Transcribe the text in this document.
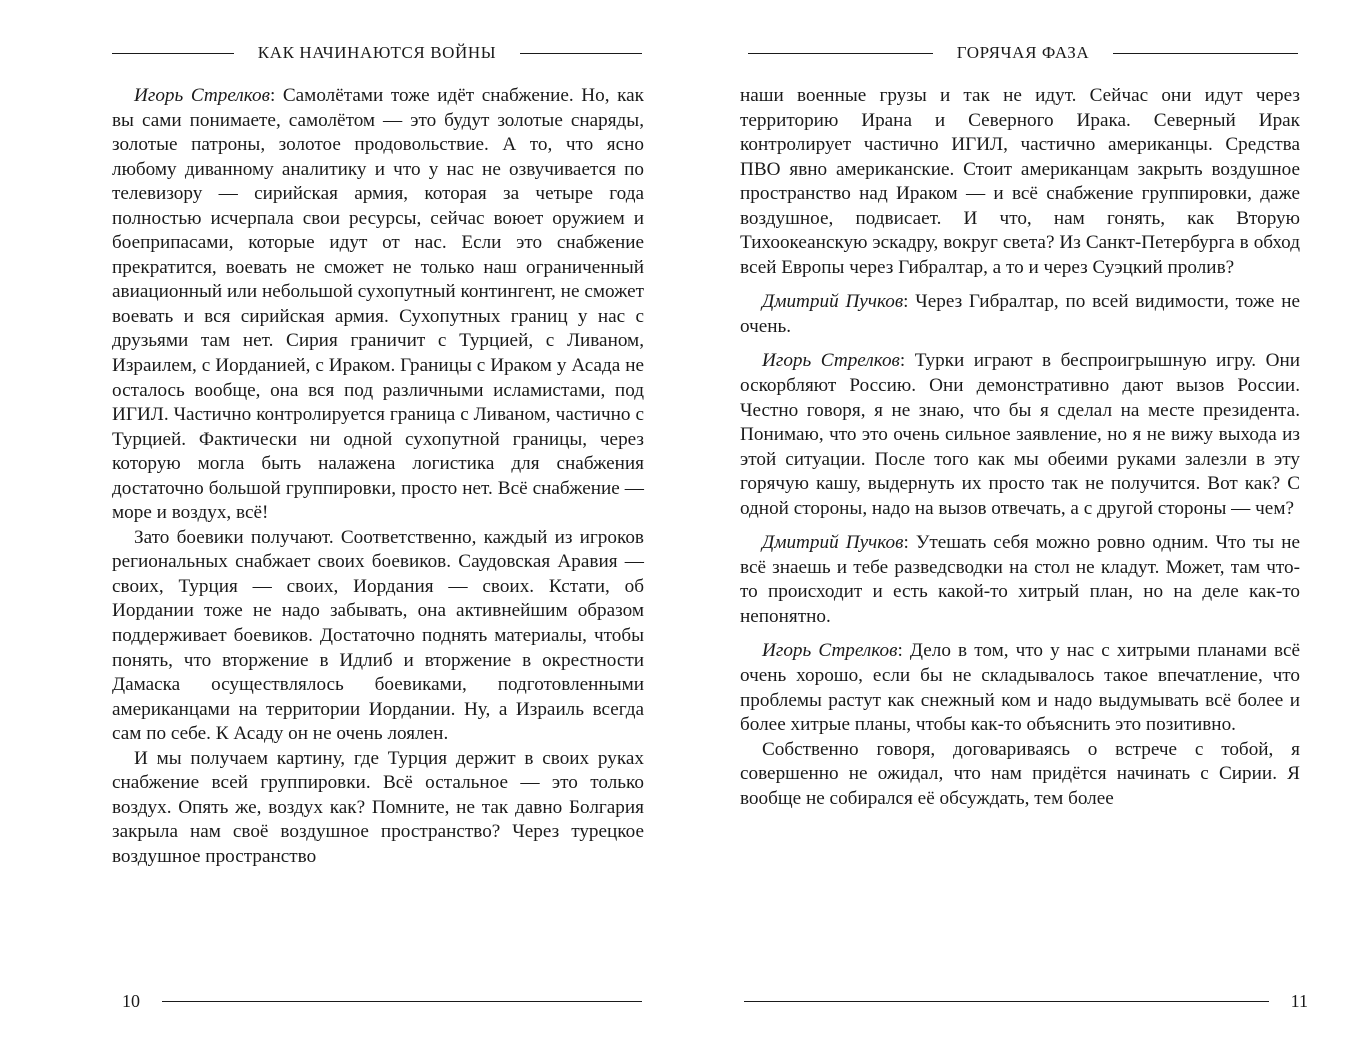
КАК НАЧИНАЮТСЯ ВОЙНЫ

Игорь Стрелков: Самолётами тоже идёт снабжение. Но, как вы сами понимаете, самолётом — это будут золотые снаряды, золотые патроны, золотое продовольствие. А то, что ясно любому диванному аналитику и что у нас не озвучивается по телевизору — сирийская армия, которая за четыре года полностью исчерпала свои ресурсы, сейчас воюет оружием и боеприпасами, которые идут от нас. Если это снабжение прекратится, воевать не сможет не только наш ограниченный авиационный или небольшой сухопутный контингент, не сможет воевать и вся сирийская армия. Сухопутных границ у нас с друзьями там нет. Сирия граничит с Турцией, с Ливаном, Израилем, с Иорданией, с Ираком. Границы с Ираком у Асада не осталось вообще, она вся под различными исламистами, под ИГИЛ. Частично контролируется граница с Ливаном, частично с Турцией. Фактически ни одной сухопутной границы, через которую могла быть налажена логистика для снабжения достаточно большой группировки, просто нет. Всё снабжение — море и воздух, всё!

Зато боевики получают. Соответственно, каждый из игроков региональных снабжает своих боевиков. Саудовская Аравия — своих, Турция — своих, Иордания — своих. Кстати, об Иордании тоже не надо забывать, она активнейшим образом поддерживает боевиков. Достаточно поднять материалы, чтобы понять, что вторжение в Идлиб и вторжение в окрестности Дамаска осуществлялось боевиками, подготовленными американцами на территории Иордании. Ну, а Израиль всегда сам по себе. К Асаду он не очень лоялен.

И мы получаем картину, где Турция держит в своих руках снабжение всей группировки. Всё остальное — это только воздух. Опять же, воздух как? Помните, не так давно Болгария закрыла нам своё воздушное пространство? Через турецкое воздушное пространство

10
ГОРЯЧАЯ ФАЗА

наши военные грузы и так не идут. Сейчас они идут через территорию Ирана и Северного Ирака. Северный Ирак контролирует частично ИГИЛ, частично американцы. Средства ПВО явно американские. Стоит американцам закрыть воздушное пространство над Ираком — и всё снабжение группировки, даже воздушное, подвисает. И что, нам гонять, как Вторую Тихоокеанскую эскадру, вокруг света? Из Санкт-Петербурга в обход всей Европы через Гибралтар, а то и через Суэцкий пролив?

Дмитрий Пучков: Через Гибралтар, по всей видимости, тоже не очень.

Игорь Стрелков: Турки играют в беспроигрышную игру. Они оскорбляют Россию. Они демонстративно дают вызов России. Честно говоря, я не знаю, что бы я сделал на месте президента. Понимаю, что это очень сильное заявление, но я не вижу выхода из этой ситуации. После того как мы обеими руками залезли в эту горячую кашу, выдернуть их просто так не получится. Вот как? С одной стороны, надо на вызов отвечать, а с другой стороны — чем?

Дмитрий Пучков: Утешать себя можно ровно одним. Что ты не всё знаешь и тебе разведсводки на стол не кладут. Может, там что-то происходит и есть какой-то хитрый план, но на деле как-то непонятно.

Игорь Стрелков: Дело в том, что у нас с хитрыми планами всё очень хорошо, если бы не складывалось такое впечатление, что проблемы растут как снежный ком и надо выдумывать всё более и более хитрые планы, чтобы как-то объяснить это позитивно.

Собственно говоря, договариваясь о встрече с тобой, я совершенно не ожидал, что нам придётся начинать с Сирии. Я вообще не собирался её обсуждать, тем более

11
